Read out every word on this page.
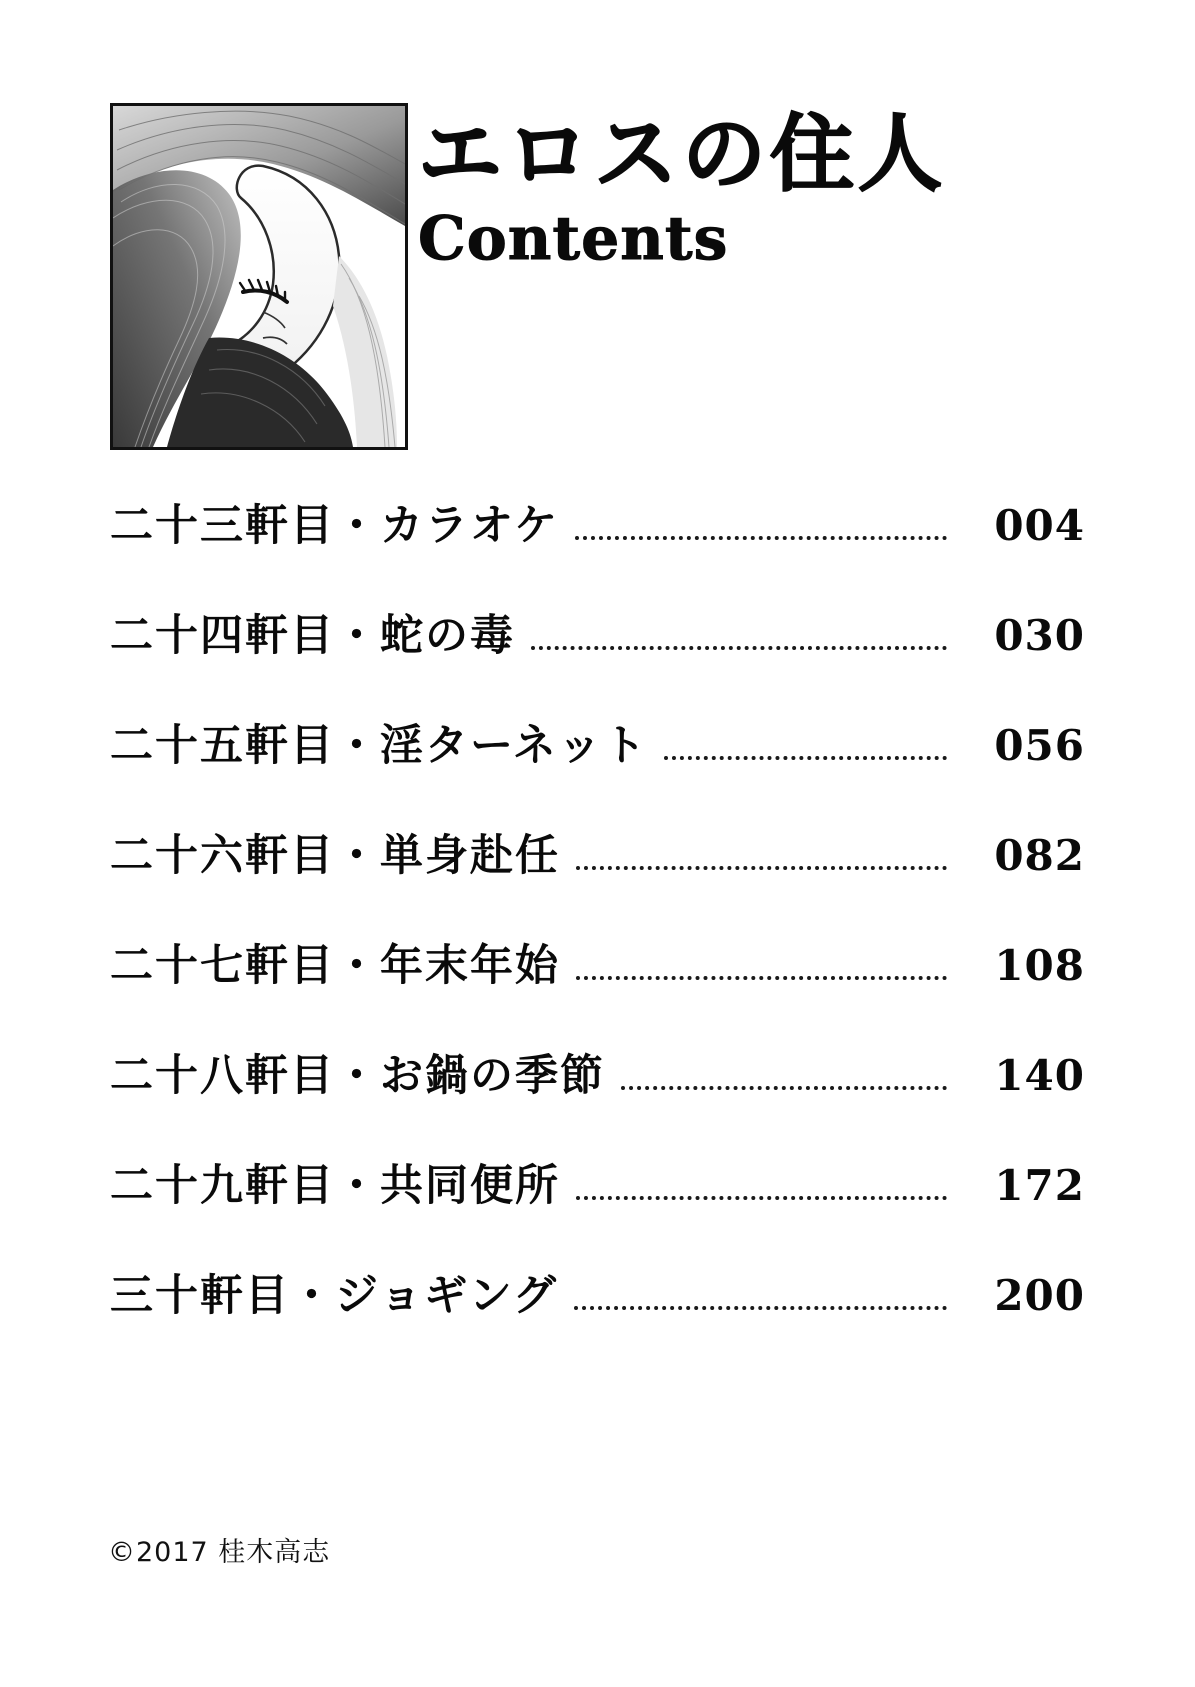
エロスの住人
Contents
二十三軒目・カラオケ	004
二十四軒目・蛇の毒	030
二十五軒目・淫ターネット	056
二十六軒目・単身赴任	082
二十七軒目・年末年始	108
二十八軒目・お鍋の季節	140
二十九軒目・共同便所	172
三十軒目・ジョギング	200
©2017 桂木高志
